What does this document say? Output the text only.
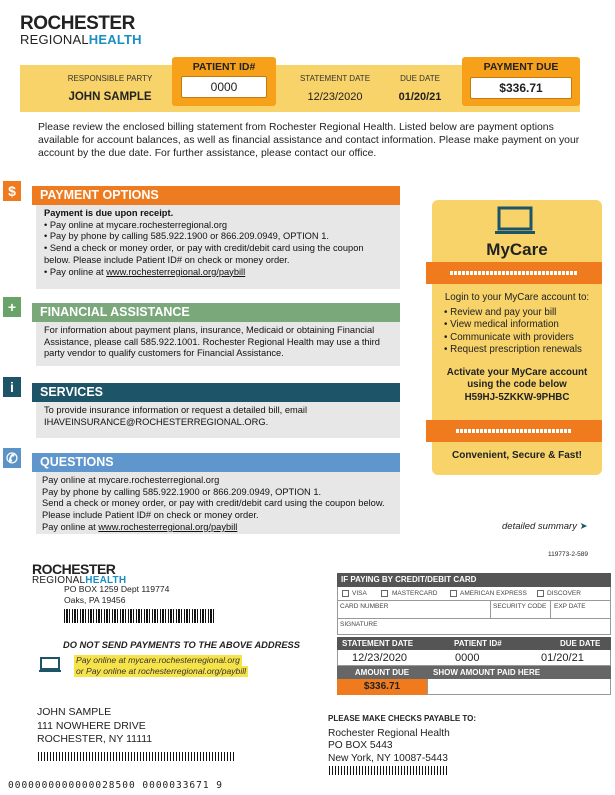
ROCHESTER
REGIONALHEALTH
RESPONSIBLE PARTY
JOHN SAMPLE
PATIENT ID#
0000
STATEMENT DATE
12/23/2020
DUE DATE
01/20/21
PAYMENT DUE
$336.71
Please review the enclosed billing statement from Rochester Regional Health. Listed below are payment options available for account balances, as well as financial assistance and contact information. Please make payment on your account by the due date. For further assistance, please contact our office.
$	PAYMENT OPTIONS
Payment is due upon receipt.
• Pay online at mycare.rochesterregional.org
• Pay by phone by calling 585.922.1900 or 866.209.0949, OPTION 1.
• Send a check or money order, or pay with credit/debit card using the coupon below. Please include Patient ID# on check or money order.
• Pay online at www.rochesterregional.org/paybill
+	FINANCIAL ASSISTANCE
For information about payment plans, insurance, Medicaid or obtaining Financial Assistance, please call 585.922.1001. Rochester Regional Health may use a third party vendor to qualify customers for Financial Assistance.
i	SERVICES
To provide insurance information or request a detailed bill, email
IHAVEINSURANCE@ROCHESTERREGIONAL.ORG.
✆	QUESTIONS
Pay online at mycare.rochesterregional.org
Pay by phone by calling 585.922.1900 or 866.209.0949, OPTION 1.
Send a check or money order, or pay with credit/debit card using the coupon below. Please include Patient ID# on check or money order.
Pay online at www.rochesterregional.org/paybill
MyCare
Login to your MyCare account to:
• Review and pay your bill
• View medical information
• Communicate with providers
• Request prescription renewals
Activate your MyCare account
using the code below
H59HJ-5ZKKW-9PHBC
Convenient, Secure & Fast!
detailed summary ➤
ROCHESTER
REGIONALHEALTH
119773-2-589
PO BOX 1259 Dept 119774
Oaks, PA 19456
DO NOT SEND PAYMENTS TO THE ABOVE ADDRESS
Pay online at mycare.rochesterregional.org
or Pay online at rochesterregional.org/paybill
JOHN SAMPLE
111 NOWHERE DRIVE
ROCHESTER, NY 11111
0000000000000028500 0000033671 9
IF PAYING BY CREDIT/DEBIT CARD
VISA	MASTERCARD	AMERICAN EXPRESS	DISCOVER
CARD NUMBER	SECURITY CODE EXP DATE
SIGNATURE
STATEMENT DATE	PATIENT ID#	DUE DATE
12/23/2020	0000	01/20/21
AMOUNT DUE	SHOW AMOUNT PAID HERE
$336.71
PLEASE MAKE CHECKS PAYABLE TO:
Rochester Regional Health
PO BOX 5443
New York, NY 10087-5443
